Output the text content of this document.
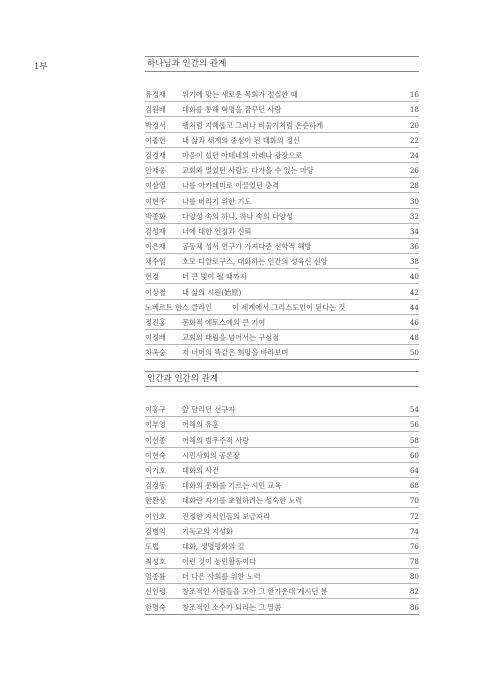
1부	하나님과 인간의 관계
유경재	위기에 맞는 새로운 목회가 절실한 때	16
김원배	대화를 통해 혁명을 꿈꾸던 사람	18
박경서	뱀처럼 지혜롭고 그러나 비둘기처럼 온순하게	20
이종헌	내 삶과 세계의 중심이 된 대화의 정신	22
김경재	마음이 섰던 아테네의 아레나 광장으로	24
안재웅	교회와 멀었던 사람도 다가올 수 있는 마당	26
이삼열	나를 아카데미로 이끌었던 충격	28
이현주	나를 버리기 위한 기도	30
박종화	다양성 속의 하나, 하나 속의 다양성	32
김성재	너에 대한 인정과 신뢰	34
이은재	공동체 성서 연구가 가져다준 신학적 해방	36
채수일	호모 디알로구스, 대화하는 인간의 성육신 신앙	38
현경	더 큰 빛이 될 때까지	40
이상철	내 삶의 시원(始原)	42
노베르트 한스 클라인	이 세계에서 그리스도인이 된다는 것	44
정진홍	문화적 에토스에의 큰 기여	46
이정배	교회의 태림을 넘어서는 구심점	48
차옥숭	저 너머의 똑같은 희망을 바라보며	50
인간과 인간의 관계
이홍구	앞 달리던 선구자	54
이부영	어해의 유훈	56
이선종	어해의 범우주적 사랑	58
이현숙	시민사회의 공론장	60
이기호	대화의 사건	64
김경동	대화의 문화를 기르는 시민 교육	68
한완상	대화란 자기를 초월하려는 성숙한 노력	70
이인호	진정한 지식인들의 보금자리	72
김병익	기독교의 지성화	74
도법	대화, 생명평화의 길	76
최성호	이런 것이 농민활동이다	78
임종률	더 나은 사회를 위한 노력	80
신인령	창조적인 사람들을 모아 그 한가운데 계시던 분	82
한명숙	창조적인 소수가 되라는 그 말씀	86
